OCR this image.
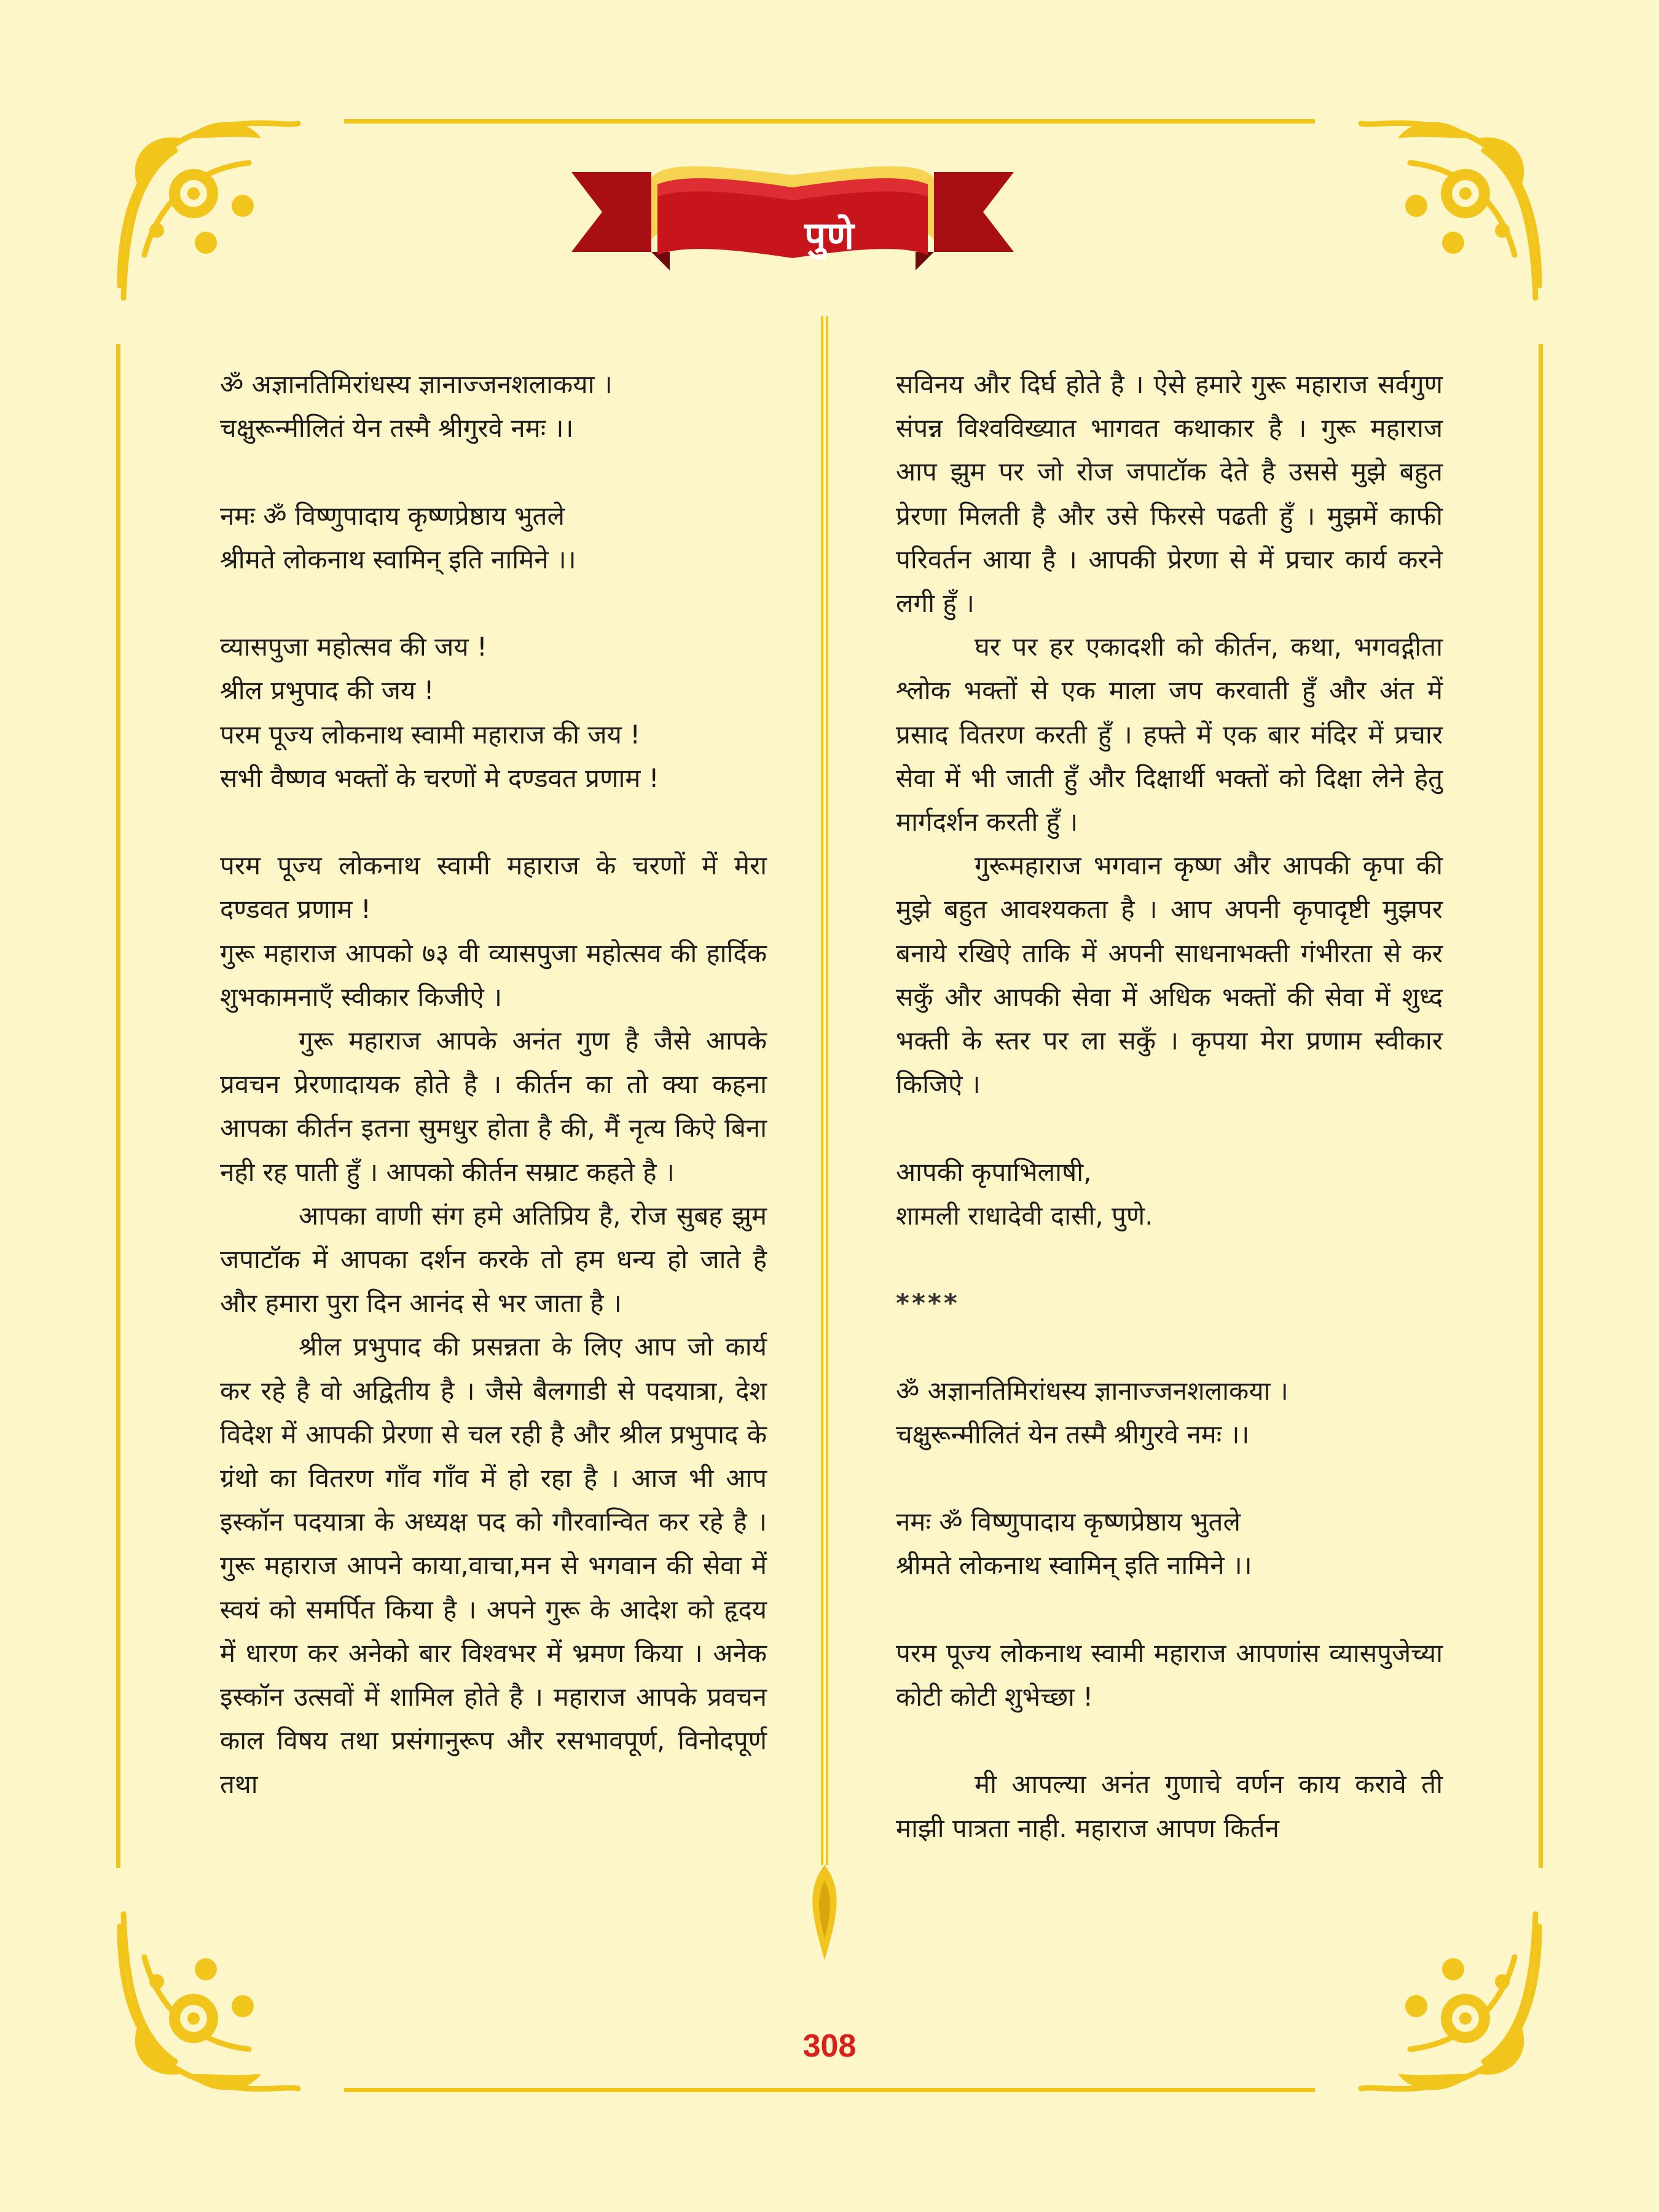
पुणे

ॐ अज्ञानतिमिरांधस्य ज्ञानाज्जनशलाकया ।

चक्षुरून्मीलितं येन तस्मै श्रीगुरवे नमः ।।

नमः ॐ विष्णुपादाय कृष्णप्रेष्ठाय भुतले

श्रीमते लोकनाथ स्वामिन् इति नामिने ।।

व्यासपुजा महोत्सव की जय !

श्रील प्रभुपाद की जय !

परम पूज्य लोकनाथ स्वामी महाराज की जय !

सभी वैष्णव भक्तों के चरणों मे दण्डवत प्रणाम !

परम पूज्य लोकनाथ स्वामी महाराज के चरणों में मेरा दण्डवत प्रणाम !

गुरू महाराज आपको ७३ वी व्यासपुजा महोत्सव की हार्दिक शुभकामनाएँ स्वीकार किजीऐ ।

गुरू महाराज आपके अनंत गुण है जैसे आपके प्रवचन प्रेरणादायक होते है । कीर्तन का तो क्या कहना आपका कीर्तन इतना सुमधुर होता है की, मैं नृत्य किऐ बिना नही रह पाती हुँ । आपको कीर्तन सम्राट कहते है ।

आपका वाणी संग हमे अतिप्रिय है, रोज सुबह झुम जपाटॉक में आपका दर्शन करके तो हम धन्य हो जाते है और हमारा पुरा दिन आनंद से भर जाता है ।

श्रील प्रभुपाद की प्रसन्नता के लिए आप जो कार्य कर रहे है वो अद्वितीय है । जैसे बैलगाडी से पदयात्रा, देश विदेश में आपकी प्रेरणा से चल रही है और श्रील प्रभुपाद के ग्रंथो का वितरण गाँव गाँव में हो रहा है । आज भी आप इस्कॉन पदयात्रा के अध्यक्ष पद को गौरवान्वित कर रहे है । गुरू महाराज आपने काया,वाचा,मन से भगवान की सेवा में स्वयं को समर्पित किया है । अपने गुरू के आदेश को हृदय में धारण कर अनेको बार विश्वभर में भ्रमण किया । अनेक इस्कॉन उत्सवों में शामिल होते है । महाराज आपके प्रवचन काल विषय तथा प्रसंगानुरूप और रसभावपूर्ण, विनोदपूर्ण तथा

सविनय और दिर्घ होते है । ऐसे हमारे गुरू महाराज सर्वगुण संपन्न विश्वविख्यात भागवत कथाकार है । गुरू महाराज आप झुम पर जो रोज जपाटॉक देते है उससे मुझे बहुत प्रेरणा मिलती है और उसे फिरसे पढती हुँ । मुझमें काफी परिवर्तन आया है । आपकी प्रेरणा से में प्रचार कार्य करने लगी हुँ ।

घर पर हर एकादशी को कीर्तन, कथा, भगवद्गीता श्लोक भक्तों से एक माला जप करवाती हुँ और अंत में प्रसाद वितरण करती हुँ । हफ्ते में एक बार मंदिर में प्रचार सेवा में भी जाती हुँ और दिक्षार्थी भक्तों को दिक्षा लेने हेतु मार्गदर्शन करती हुँ ।

गुरूमहाराज भगवान कृष्ण और आपकी कृपा की मुझे बहुत आवश्यकता है । आप अपनी कृपादृष्टी मुझपर बनाये रखिऐ ताकि में अपनी साधनाभक्ती गंभीरता से कर सकुँ और आपकी सेवा में अधिक भक्तों की सेवा में शुध्द भक्ती के स्तर पर ला सकुँ । कृपया मेरा प्रणाम स्वीकार किजिऐ ।

आपकी कृपाभिलाषी,

शामली राधादेवी दासी, पुणे.

****

ॐ अज्ञानतिमिरांधस्य ज्ञानाज्जनशलाकया ।

चक्षुरून्मीलितं येन तस्मै श्रीगुरवे नमः ।।

नमः ॐ विष्णुपादाय कृष्णप्रेष्ठाय भुतले

श्रीमते लोकनाथ स्वामिन् इति नामिने ।।

परम पूज्य लोकनाथ स्वामी महाराज आपणांस व्यासपुजेच्या कोटी कोटी शुभेच्छा !

मी आपल्या अनंत गुणाचे वर्णन काय करावे ती माझी पात्रता नाही. महाराज आपण किर्तन

308
